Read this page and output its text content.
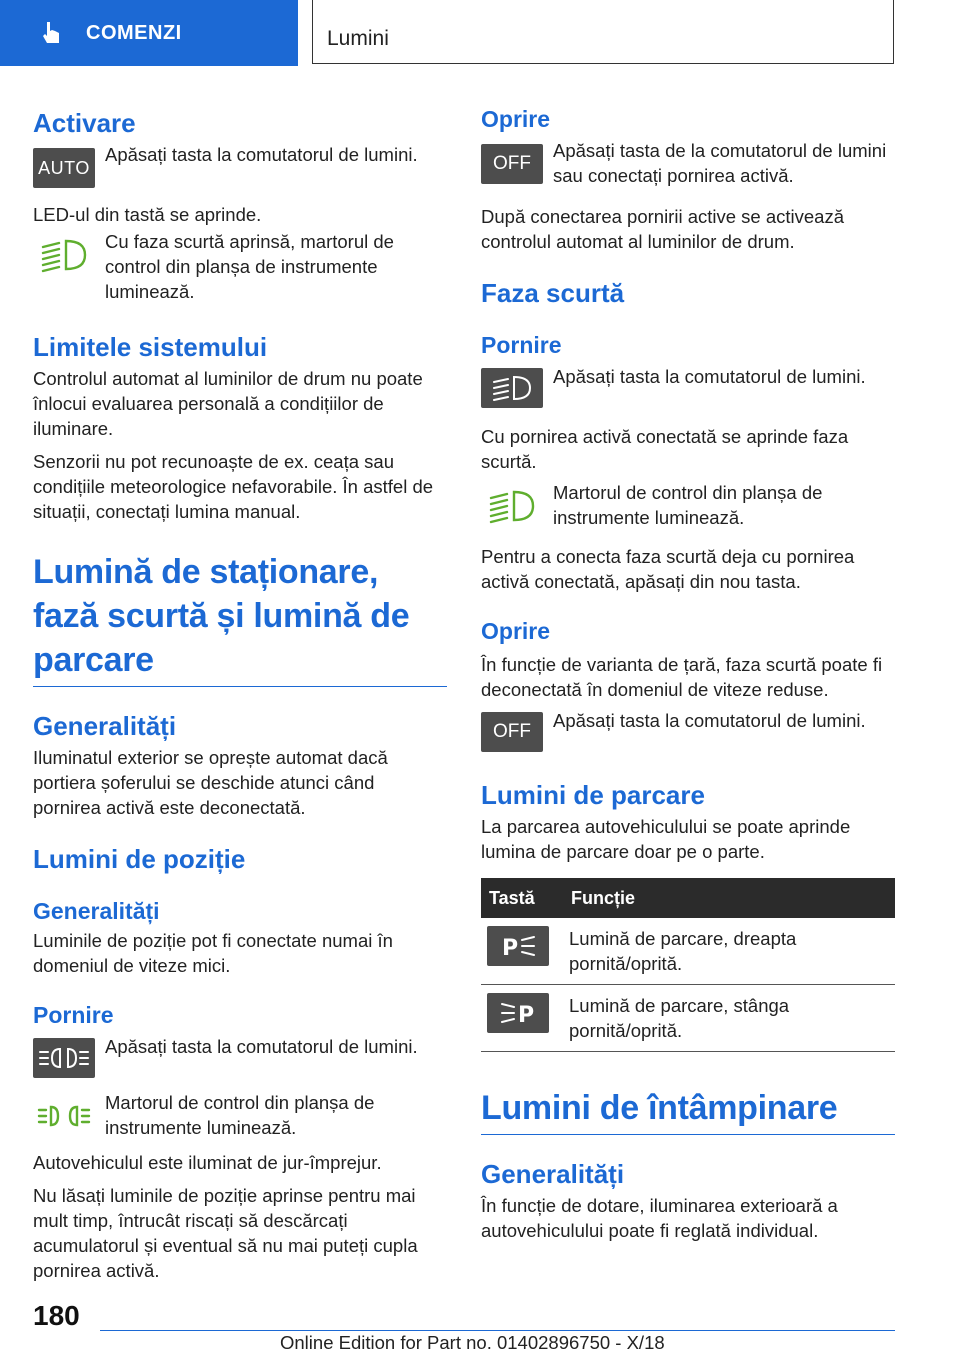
COMENZI	Lumini
Activare
AUTO

Apăsați tasta la comutatorul de lumini.

LED-ul din tastă se aprinde.

Cu faza scurtă aprinsă, martorul de control din planșa de instrumente luminează.

Limitele sistemului

Controlul automat al luminilor de drum nu poate înlocui evaluarea personală a condițiilor de iluminare.

Senzorii nu pot recunoaște de ex. ceața sau condițiile meteorologice nefavorabile. În astfel de situații, conectați lumina manual.

Lumină de staționare, fază scurtă și lumină de parcare
Generalități

Iluminatul exterior se oprește automat dacă portiera șoferului se deschide atunci când pornirea activă este deconectată.

Lumini de poziție
Generalități

Luminile de poziție pot fi conectate numai în domeniul de viteze mici.

Pornire

Apăsați tasta la comutatorul de lumini.

Martorul de control din planșa de instrumente luminează.

Autovehiculul este iluminat de jur-împrejur.

Nu lăsați luminile de poziție aprinse pentru mai mult timp, întrucât riscați să descărcați acumulatorul și eventual să nu mai puteți cupla pornirea activă.

Oprire
OFF

Apăsați tasta de la comutatorul de lumini sau conectați pornirea activă.

După conectarea pornirii active se activează controlul automat al luminilor de drum.

Faza scurtă
Pornire

Apăsați tasta la comutatorul de lumini.

Cu pornirea activă conectată se aprinde faza scurtă.

Martorul de control din planșa de instrumente luminează.

Pentru a conecta faza scurtă deja cu pornirea activă conectată, apăsați din nou tasta.

Oprire

În funcție de varianta de țară, faza scurtă poate fi deconectată în domeniul de viteze reduse.

OFF

Apăsați tasta la comutatorul de lumini.

Lumini de parcare

La parcarea autovehiculului se poate aprinde lumina de parcare doar pe o parte.

Tastă	Funcție

P	Lumină de parcare, dreapta pornită/oprită.

P	Lumină de parcare, stânga pornită/oprită.
Lumini de întâmpinare
Generalități

În funcție de dotare, iluminarea exterioară a autovehiculului poate fi reglată individual.

180
Online Edition for Part no. 01402896750 - X/18
